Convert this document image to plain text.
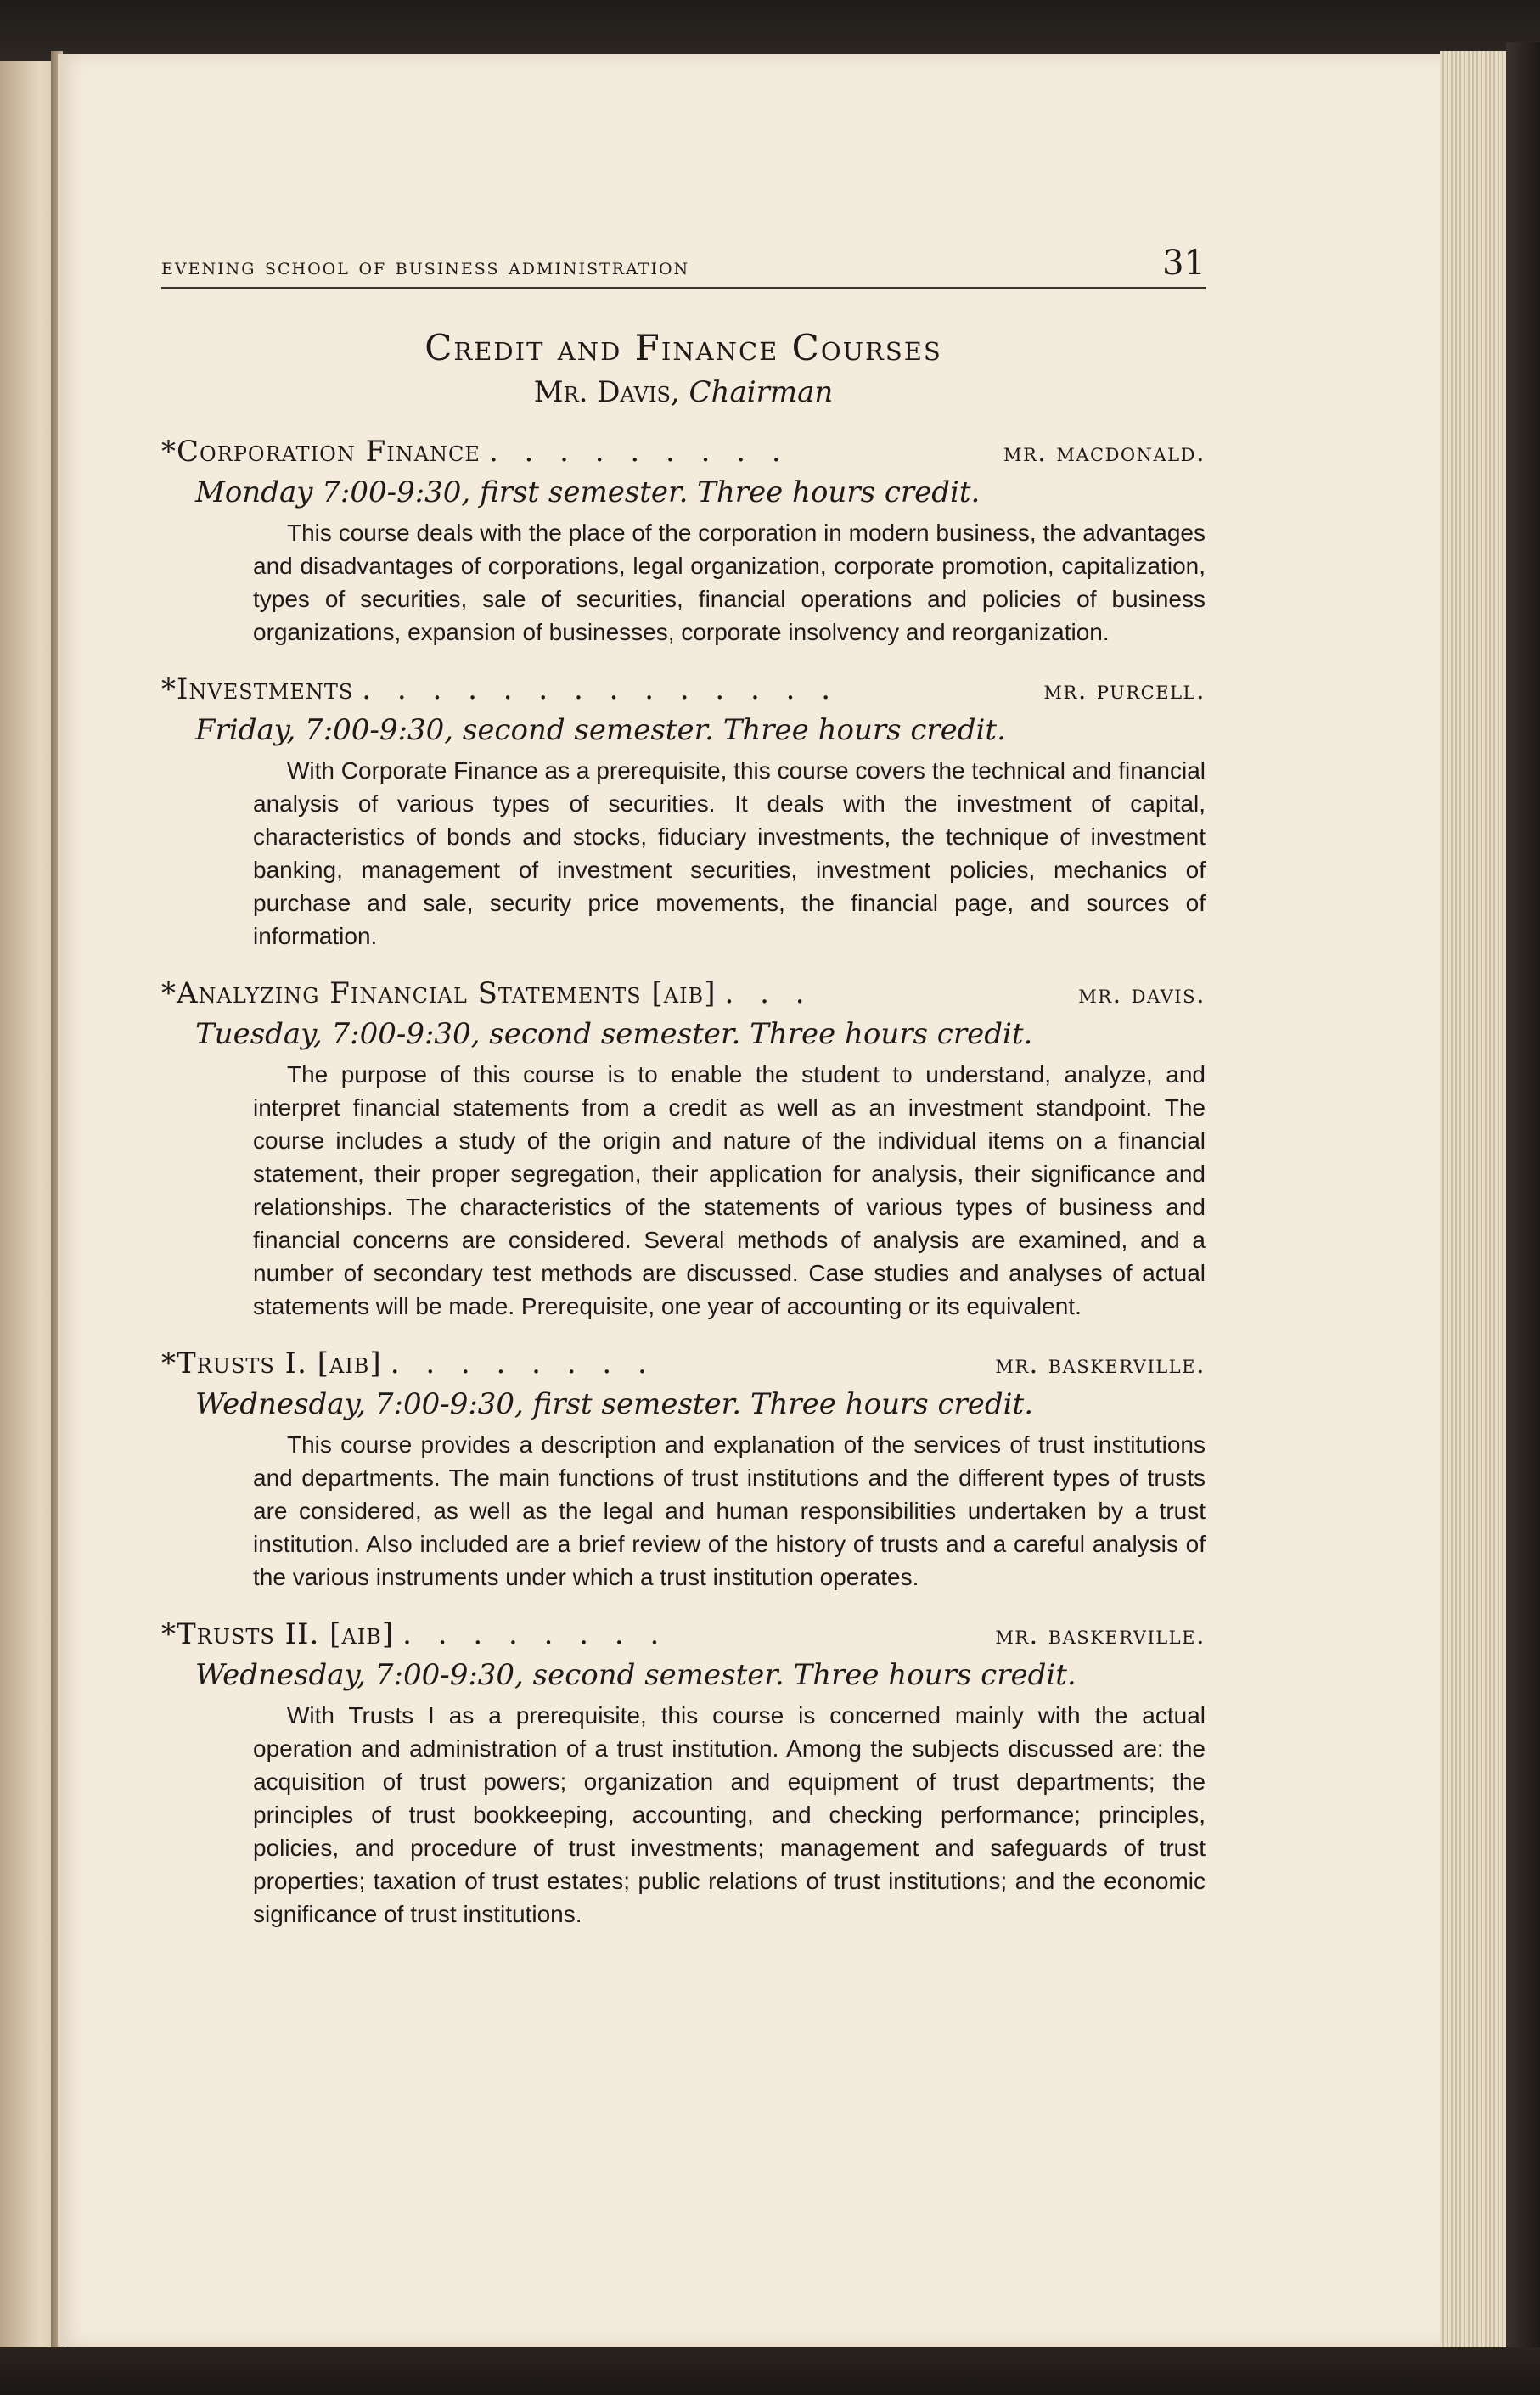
evening school of business administration	31
Credit and Finance Courses
Mr. Davis, Chairman
*Corporation Finance . . . . . . . . .	mr. macdonald.
Monday 7:00-9:30, first semester. Three hours credit.
This course deals with the place of the corporation in modern business, the advantages and disadvantages of corporations, legal organization, corporate promotion, capitalization, types of securities, sale of securities, financial operations and policies of business organizations, expansion of businesses, corporate insolvency and reorganization.
*Investments . . . . . . . . . . . . . .	mr. purcell.
Friday, 7:00-9:30, second semester. Three hours credit.
With Corporate Finance as a prerequisite, this course covers the technical and financial analysis of various types of securities. It deals with the investment of capital, characteristics of bonds and stocks, fiduciary investments, the technique of investment banking, management of investment securities, investment policies, mechanics of purchase and sale, security price movements, the financial page, and sources of information.
*Analyzing Financial Statements [aib] . . .	mr. davis.
Tuesday, 7:00-9:30, second semester. Three hours credit.
The purpose of this course is to enable the student to understand, analyze, and interpret financial statements from a credit as well as an investment standpoint. The course includes a study of the origin and nature of the individual items on a financial statement, their proper segregation, their application for analysis, their significance and relationships. The characteristics of the statements of various types of business and financial concerns are considered. Several methods of analysis are examined, and a number of secondary test methods are discussed. Case studies and analyses of actual statements will be made. Prerequisite, one year of accounting or its equivalent.
*Trusts I. [aib] . . . . . . . .	mr. baskerville.
Wednesday, 7:00-9:30, first semester. Three hours credit.
This course provides a description and explanation of the services of trust institutions and departments. The main functions of trust institutions and the different types of trusts are considered, as well as the legal and human responsibilities undertaken by a trust institution. Also included are a brief review of the history of trusts and a careful analysis of the various instruments under which a trust institution operates.
*Trusts II. [aib] . . . . . . . .	mr. baskerville.
Wednesday, 7:00-9:30, second semester. Three hours credit.
With Trusts I as a prerequisite, this course is concerned mainly with the actual operation and administration of a trust institution. Among the subjects discussed are: the acquisition of trust powers; organization and equipment of trust departments; the principles of trust bookkeeping, accounting, and checking performance; principles, policies, and procedure of trust investments; management and safeguards of trust properties; taxation of trust estates; public relations of trust institutions; and the economic significance of trust institutions.
